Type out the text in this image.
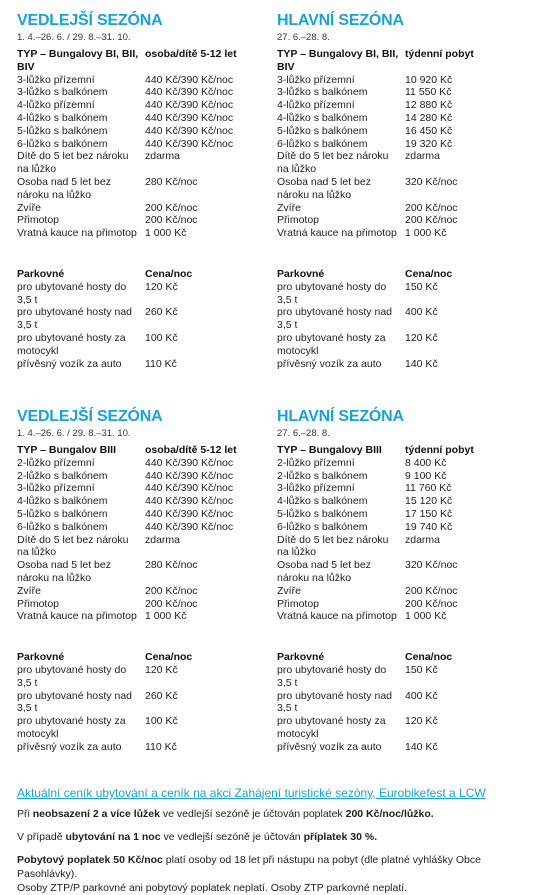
VEDLEJŠÍ SEZÓNA
1. 4.–26. 6. / 29. 8.–31. 10.
TYP – Bungalovy BI, BII, BIV	osoba/dítě 5-12 let
3-lůžko přízemní	440 Kč/390 Kč/noc
3-lůžko s balkónem	440 Kč/390 Kč/noc
4-lůžko přízemní	440 Kč/390 Kč/noc
4-lůžko s balkónem	440 Kč/390 Kč/noc
5-lůžko s balkónem	440 Kč/390 Kč/noc
6-lůžko s balkónem	440 Kč/390 Kč/noc
Dítě do 5 let bez nároku na lůžko	zdarma
Osoba nad 5 let bez nároku na lůžko	280 Kč/noc
Zvíře	200 Kč/noc
Přimotop	200 Kč/noc
Vratná kauce na přimotop	1 000 Kč

Parkovné	Cena/noc
pro ubytované hosty do 3,5 t	120 Kč
pro ubytované hosty nad 3,5 t	260 Kč
pro ubytované hosty za motocykl	100 Kč
přívěsný vozík za auto	110 Kč
HLAVNÍ SEZÓNA
27. 6.–28. 8.
TYP – Bungalovy BI, BII, BIV	týdenní pobyt
3-lůžko přízemní	10 920 Kč
3-lůžko s balkónem	11 550 Kč
4-lůžko přízemní	12 880 Kč
4-lůžko s balkónem	14 280 Kč
5-lůžko s balkónem	16 450 Kč
6-lůžko s balkónem	19 320 Kč
Dítě do 5 let bez nároku na lůžko	zdarma
Osoba nad 5 let bez nároku na lůžko	320 Kč/noc
Zvíře	200 Kč/noc
Přimotop	200 Kč/noc
Vratná kauce na přimotop	1 000 Kč

Parkovné	Cena/noc
pro ubytované hosty do 3,5 t	150 Kč
pro ubytované hosty nad 3,5 t	400 Kč
pro ubytované hosty za motocykl	120 Kč
přívěsný vozík za auto	140 Kč
VEDLEJŠÍ SEZÓNA
1. 4.–26. 6. / 29. 8.–31. 10.
TYP – Bungalov BIII	osoba/dítě 5-12 let
2-lůžko přízemní	440 Kč/390 Kč/noc
2-lůžko s balkónem	440 Kč/390 Kč/noc
3-lůžko přízemní	440 Kč/390 Kč/noc
4-lůžko s balkónem	440 Kč/390 Kč/noc
5-lůžko s balkónem	440 Kč/390 Kč/noc
6-lůžko s balkónem	440 Kč/390 Kč/noc
Dítě do 5 let bez nároku na lůžko	zdarma
Osoba nad 5 let bez nároku na lůžko	280 Kč/noc
Zvíře	200 Kč/noc
Přimotop	200 Kč/noc
Vratná kauce na přimotop	1 000 Kč

Parkovné	Cena/noc
pro ubytované hosty do 3,5 t	120 Kč
pro ubytované hosty nad 3,5 t	260 Kč
pro ubytované hosty za motocykl	100 Kč
přívěsný vozík za auto	110 Kč
HLAVNÍ SEZÓNA
27. 6.–28. 8.
TYP – Bungalovy BIII	týdenní pobyt
2-lůžko přízemní	8 400 Kč
2-lůžko s balkónem	9 100 Kč
3-lůžko přízemní	11 760 Kč
4-lůžko s balkónem	15 120 Kč
5-lůžko s balkónem	17 150 Kč
6-lůžko s balkónem	19 740 Kč
Dítě do 5 let bez nároku na lůžko	zdarma
Osoba nad 5 let bez nároku na lůžko	320 Kč/noc
Zvíře	200 Kč/noc
Přimotop	200 Kč/noc
Vratná kauce na přimotop	1 000 Kč

Parkovné	Cena/noc
pro ubytované hosty do 3,5 t	150 Kč
pro ubytované hosty nad 3,5 t	400 Kč
pro ubytované hosty za motocykl	120 Kč
přívěsný vozík za auto	140 Kč

Aktuální ceník ubytování a ceník na akci Zahájení turistické sezóny, Eurobikefest a LCW

Při neobsazení 2 a více lůžek ve vedlejší sezóně je účtován poplatek 200 Kč/noc/lůžko.

V případě ubytování na 1 noc ve vedlejší sezóně je účtován příplatek 30 %.

Pobytový poplatek 50 Kč/noc platí osoby od 18 let při nástupu na pobyt (dle platné vyhlášky Obce Pasohlávky).

Osoby ZTP/P parkovné ani pobytový poplatek neplatí. Osoby ZTP parkovné neplatí.
